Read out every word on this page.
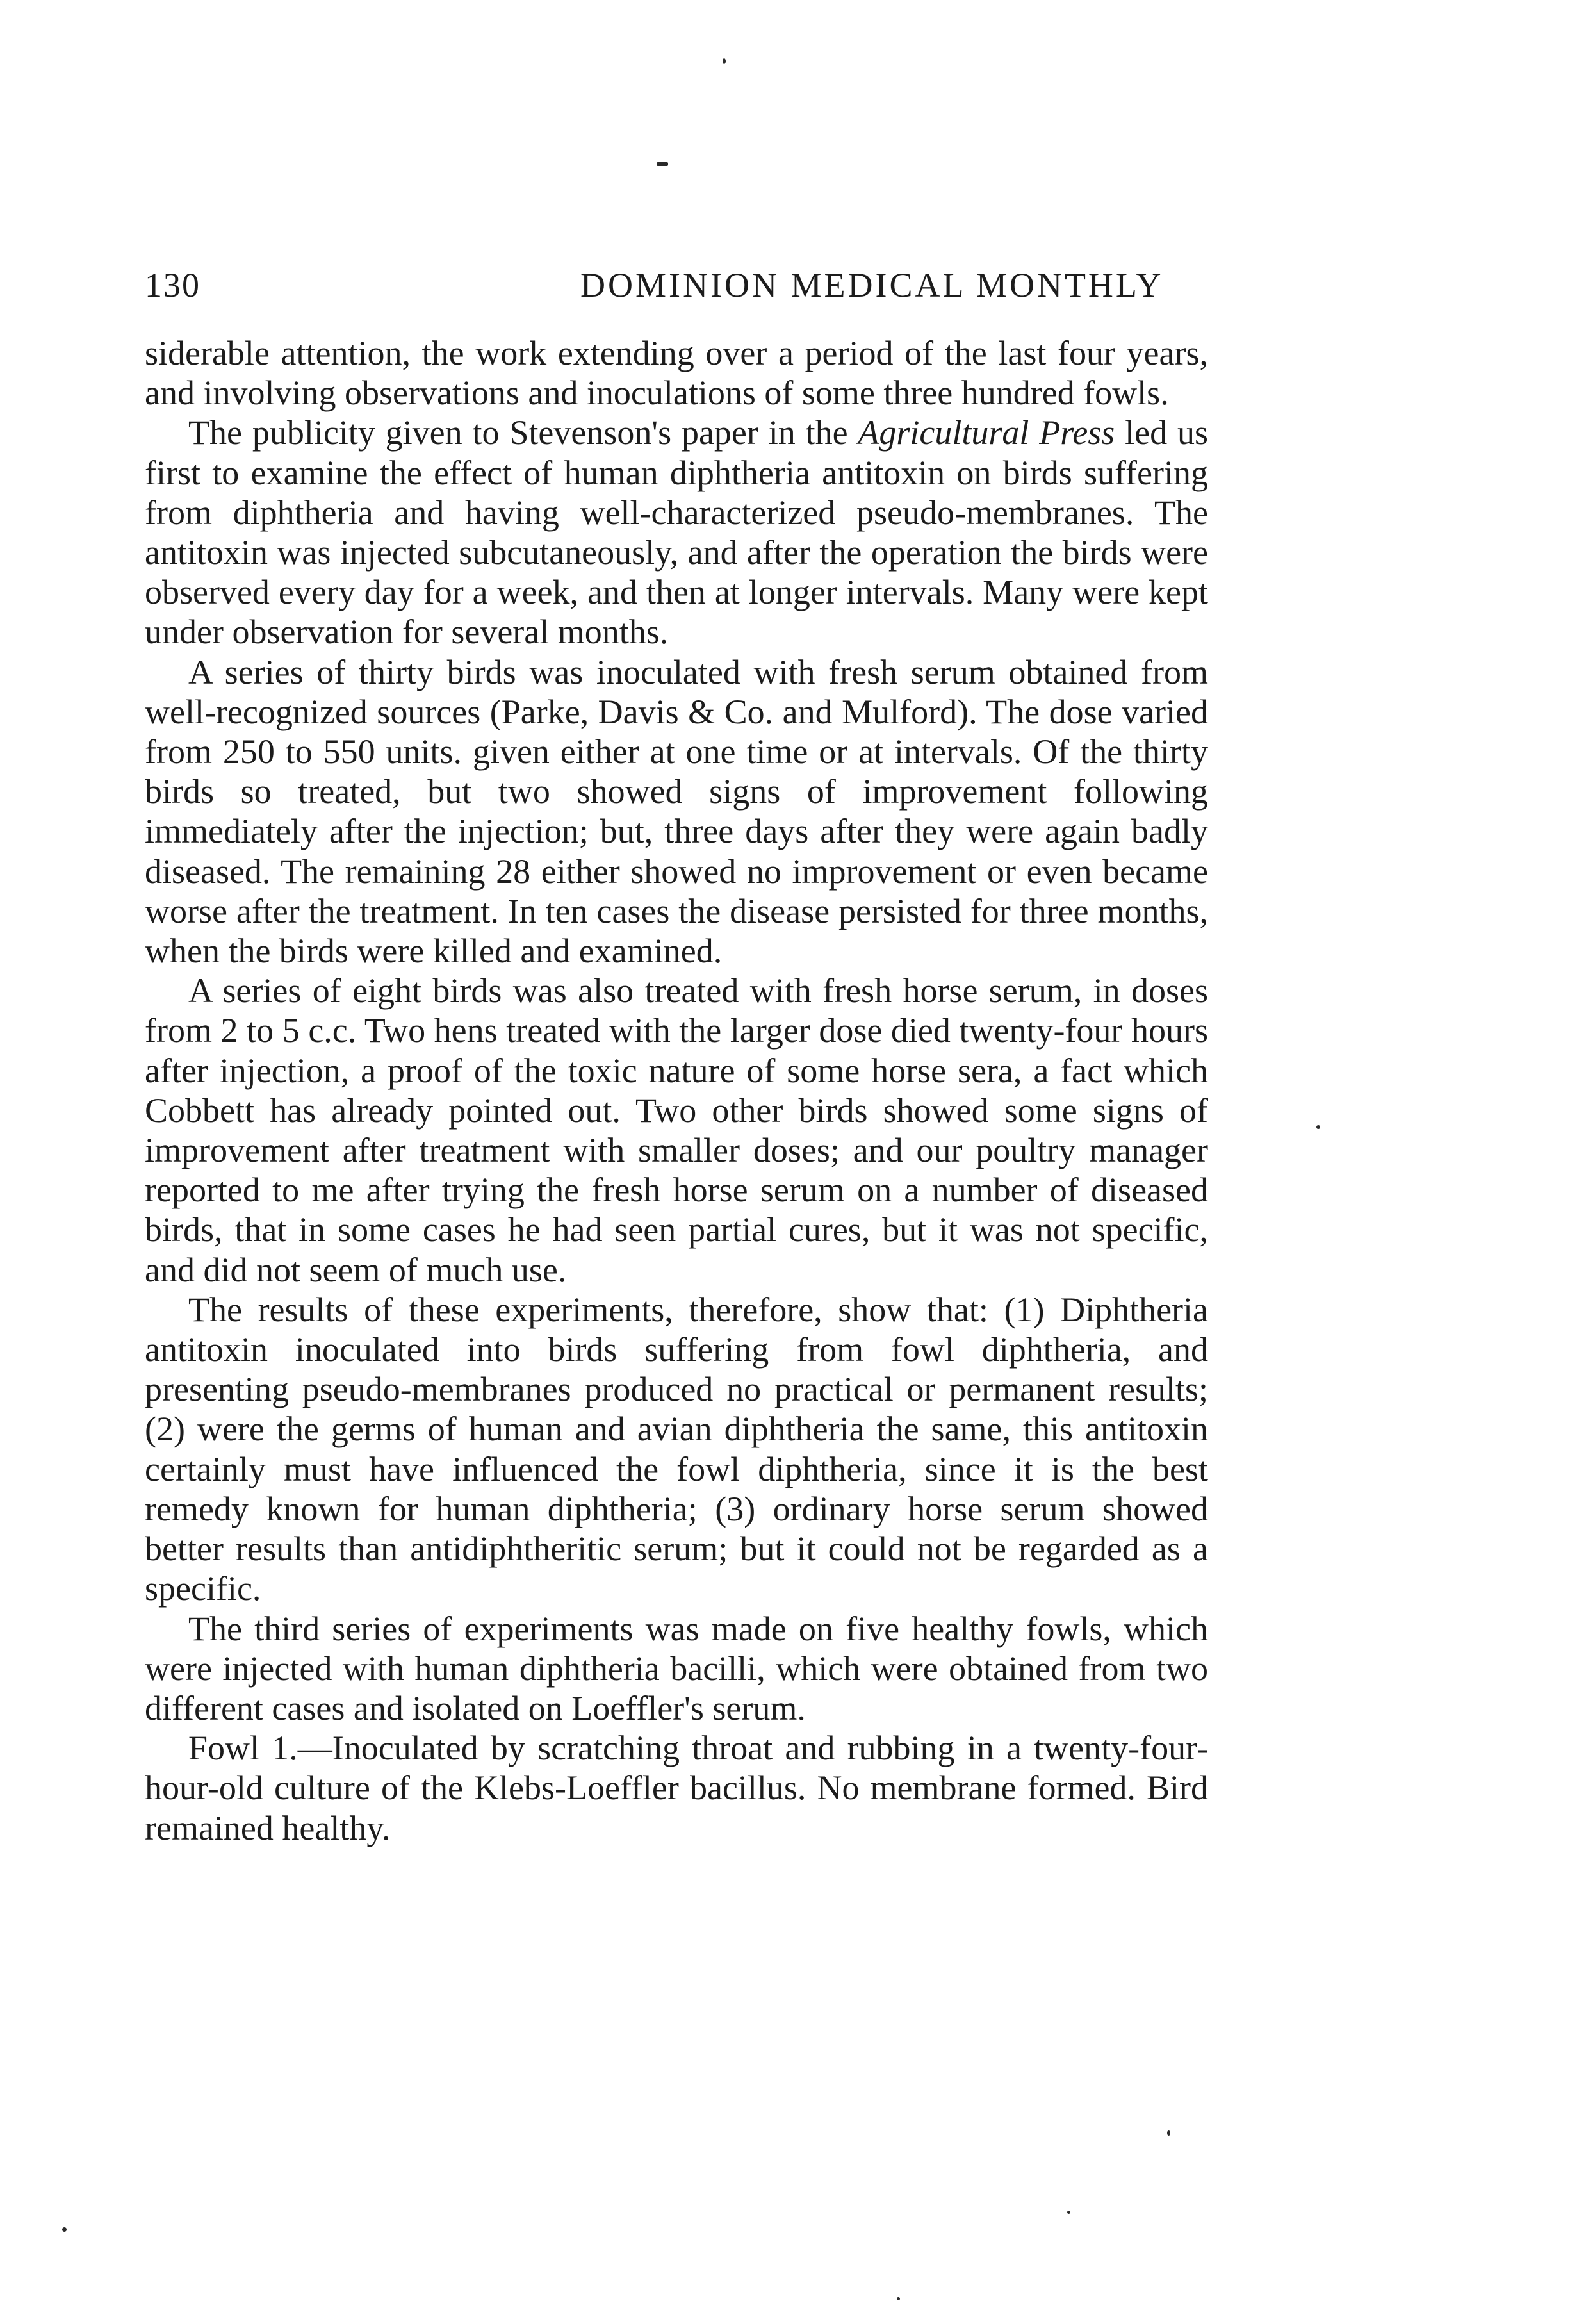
130	DOMINION MEDICAL MONTHLY

siderable attention, the work extending over a period of the last four years, and involving observations and inoculations of some three hundred fowls.

The publicity given to Stevenson's paper in the Agricultural Press led us first to examine the effect of human diphtheria antitoxin on birds suffering from diphtheria and having well-characterized pseudo-membranes. The antitoxin was injected subcutaneously, and after the operation the birds were observed every day for a week, and then at longer intervals. Many were kept under observation for several months.

A series of thirty birds was inoculated with fresh serum obtained from well-recognized sources (Parke, Davis & Co. and Mulford). The dose varied from 250 to 550 units. given either at one time or at intervals. Of the thirty birds so treated, but two showed signs of improvement following immediately after the injection; but, three days after they were again badly diseased. The remaining 28 either showed no improvement or even became worse after the treatment. In ten cases the disease persisted for three months, when the birds were killed and examined.

A series of eight birds was also treated with fresh horse serum, in doses from 2 to 5 c.c. Two hens treated with the larger dose died twenty-four hours after injection, a proof of the toxic nature of some horse sera, a fact which Cobbett has already pointed out. Two other birds showed some signs of improvement after treatment with smaller doses; and our poultry manager reported to me after trying the fresh horse serum on a number of diseased birds, that in some cases he had seen partial cures, but it was not specific, and did not seem of much use.

The results of these experiments, therefore, show that: (1) Diphtheria antitoxin inoculated into birds suffering from fowl diphtheria, and presenting pseudo-membranes produced no practical or permanent results; (2) were the germs of human and avian diphtheria the same, this antitoxin certainly must have influenced the fowl diphtheria, since it is the best remedy known for human diphtheria; (3) ordinary horse serum showed better results than antidiphtheritic serum; but it could not be regarded as a specific.

The third series of experiments was made on five healthy fowls, which were injected with human diphtheria bacilli, which were obtained from two different cases and isolated on Loeffler's serum.

Fowl 1.—Inoculated by scratching throat and rubbing in a twenty-four-hour-old culture of the Klebs-Loeffler bacillus. No membrane formed. Bird remained healthy.
